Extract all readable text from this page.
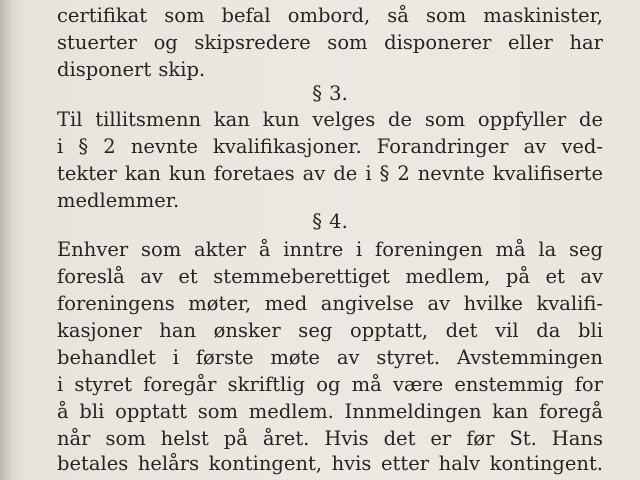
certifikat som befal ombord, så som maskinister,
stuerter og skipsredere som disponerer eller har
disponert skip.
§ 3.
Til tillitsmenn kan kun velges de som oppfyller de
i § 2 nevnte kvalifikasjoner. Forandringer av ved-
tekter kan kun foretaes av de i § 2 nevnte kvalifiserte
medlemmer.
§ 4.
Enhver som akter å inntre i foreningen må la seg
foreslå av et stemmeberettiget medlem, på et av
foreningens møter, med angivelse av hvilke kvalifi-
kasjoner han ønsker seg opptatt, det vil da bli
behandlet i første møte av styret. Avstemmingen
i styret foregår skriftlig og må være enstemmig for
å bli opptatt som medlem. Innmeldingen kan foregå
når som helst på året. Hvis det er før St. Hans
betales helårs kontingent, hvis etter halv kontingent.
